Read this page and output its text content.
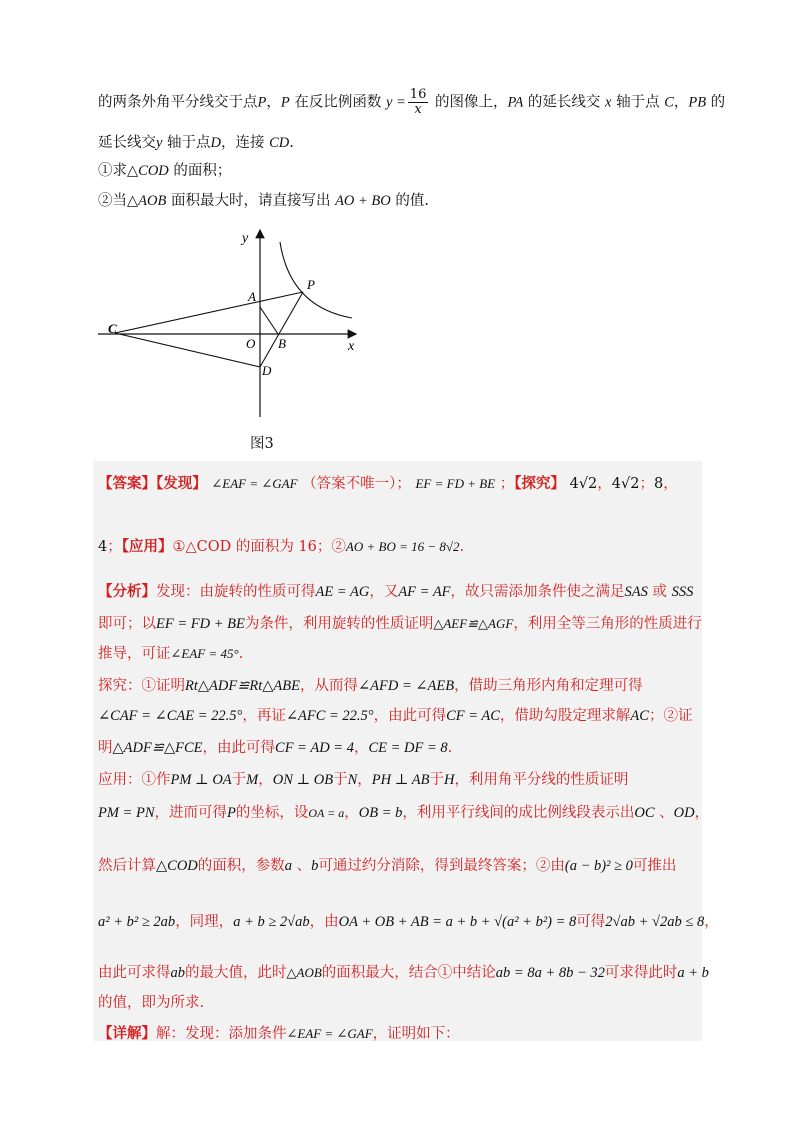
的两条外角平分线交于点P，P 在反比例函数 $y = \frac{16}{x}$ 的图像上，PA 的延长线交 x 轴于点 C，PB 的
延长线交y 轴于点D，连接 CD.
①求△COD 的面积；
②当△AOB 面积最大时，请直接写出 AO + BO 的值.
y
x
A
P
C
O B
D
图3
【答案】【发现】 ∠EAF = ∠GAF （答案不唯一）； EF = FD + BE ；【探究】 4√2，4√2；8，
4；【应用】①△COD 的面积为 16；②AO + BO = 16 − 8√2.
【分析】发现：由旋转的性质可得AE = AG，又AF = AF，故只需添加条件使之满足SAS 或 SSS
即可；以EF = FD + BE为条件，利用旋转的性质证明△AEF≌△AGF，利用全等三角形的性质进行
推导，可证∠EAF = 45°.
探究：①证明Rt△ADF≌Rt△ABE，从而得∠AFD = ∠AEB，借助三角形内角和定理可得
∠CAF = ∠CAE = 22.5°，再证∠AFC = 22.5°，由此可得CF = AC，借助勾股定理求解AC；②证
明△ADF≌△FCE，由此可得CF = AD = 4，CE = DF = 8.
应用：①作PM ⊥ OA于M，ON ⊥ OB于N，PH ⊥ AB于H，利用角平分线的性质证明
PM = PN，进而可得P的坐标，设OA = a，OB = b，利用平行线间的成比例线段表示出OC 、OD，
然后计算△COD的面积，参数a 、b可通过约分消除，得到最终答案；②由(a − b)² ≥ 0可推出
a² + b² ≥ 2ab，同理，a + b ≥ 2√ab，由OA + OB + AB = a + b + √(a² + b²) = 8可得2√ab + √2ab ≤ 8，
由此可求得ab的最大值，此时△AOB的面积最大，结合①中结论ab = 8a + 8b − 32可求得此时a + b
的值，即为所求.
【详解】解：发现：添加条件∠EAF = ∠GAF，证明如下：
